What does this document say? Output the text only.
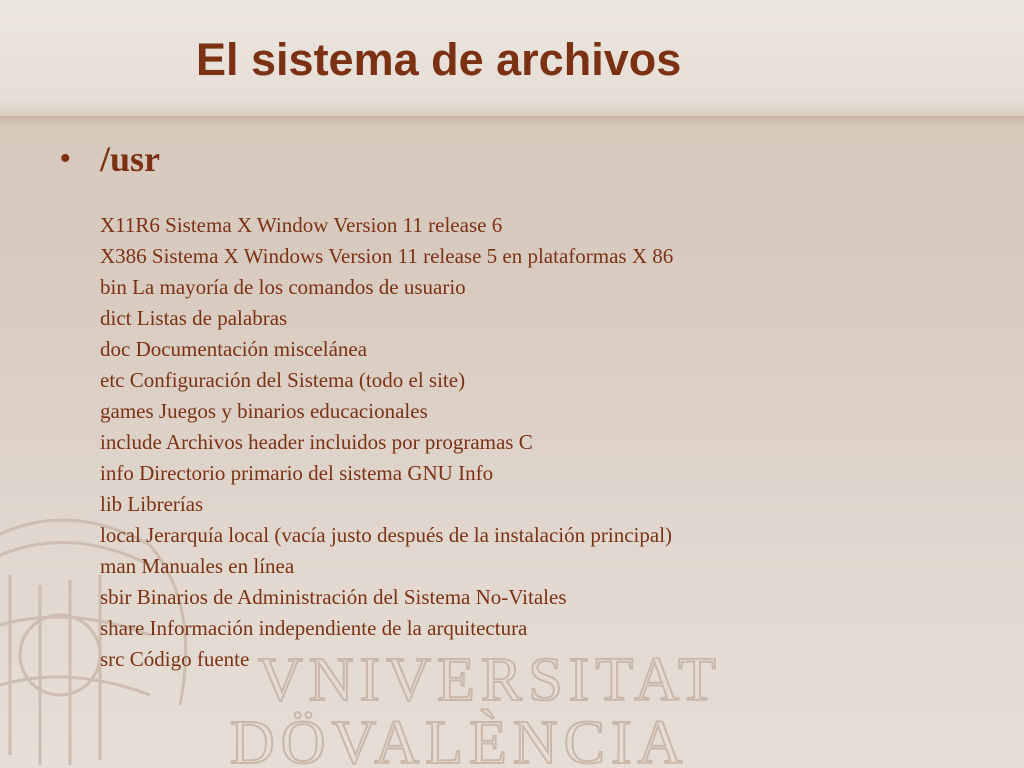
VNIVERSITAT
DÖVALÈNCIA
El sistema de archivos
• /usr
X11R6 Sistema X Window Version 11 release 6
X386 Sistema X Windows Version 11 release 5 en plataformas X 86
bin La mayoría de los comandos de usuario
dict Listas de palabras
doc Documentación miscelánea
etc Configuración del Sistema (todo el site)
games Juegos y binarios educacionales
include Archivos header incluidos por programas C
info Directorio primario del sistema GNU Info
lib Librerías
local Jerarquía local (vacía justo después de la instalación principal)
man Manuales en línea
sbir Binarios de Administración del Sistema No-Vitales
share Información independiente de la arquitectura
src Código fuente
